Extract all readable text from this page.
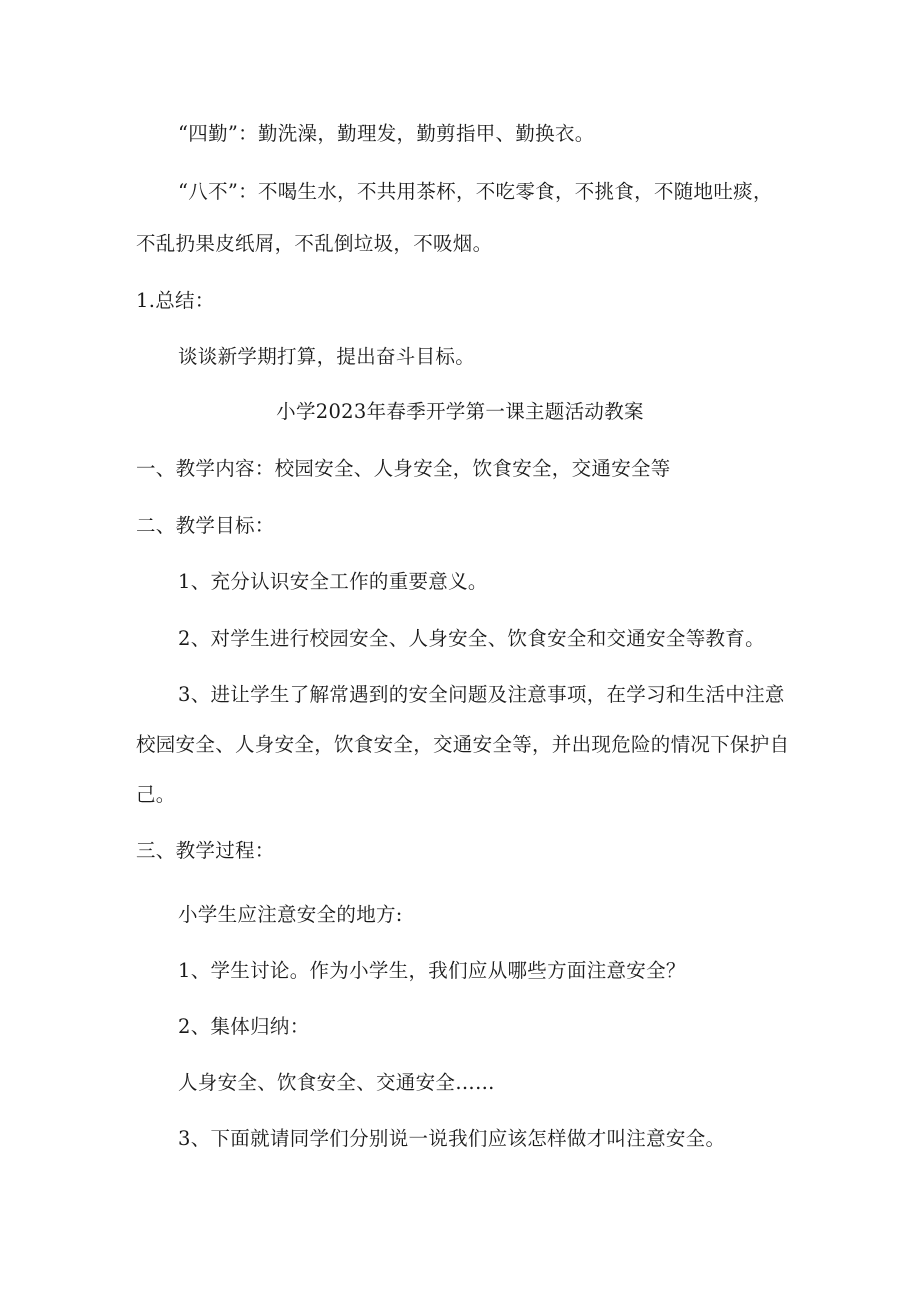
“四勤”：勤洗澡，勤理发，勤剪指甲、勤换衣。
“八不”：不喝生水，不共用茶杯，不吃零食，不挑食，不随地吐痰，
不乱扔果皮纸屑，不乱倒垃圾，不吸烟。
1.总结：
谈谈新学期打算，提出奋斗目标。
小学2023年春季开学第一课主题活动教案
一、教学内容：校园安全、人身安全，饮食安全，交通安全等
二、教学目标：
1、充分认识安全工作的重要意义。
2、对学生进行校园安全、人身安全、饮食安全和交通安全等教育。
3、进让学生了解常遇到的安全问题及注意事项，在学习和生活中注意
校园安全、人身安全，饮食安全，交通安全等，并出现危险的情况下保护自
己。
三、教学过程：
小学生应注意安全的地方:
1、学生讨论。作为小学生，我们应从哪些方面注意安全？
2、集体归纳：
人身安全、饮食安全、交通安全……
3、下面就请同学们分别说一说我们应该怎样做才叫注意安全。
